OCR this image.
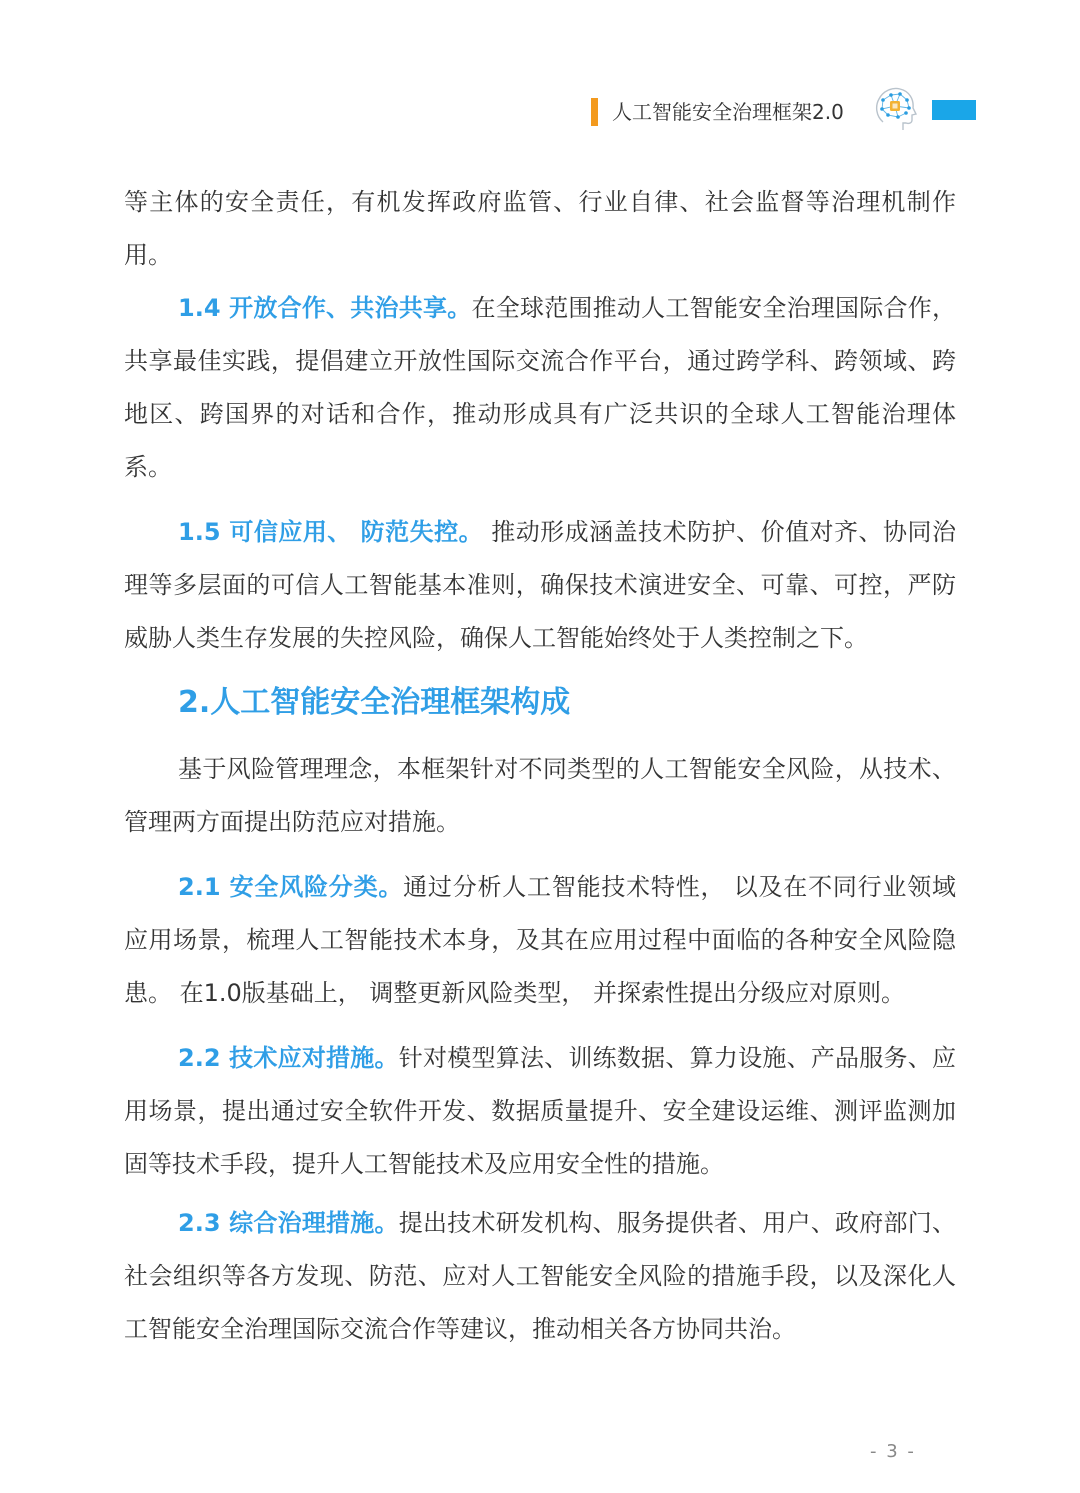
人工智能安全治理框架2.0

等主体的安全责任，有机发挥政府监管、行业自律、社会监督等治理机制作用。

1.4 开放合作、共治共享。在全球范围推动人工智能安全治理国际合作，共享最佳实践，提倡建立开放性国际交流合作平台，通过跨学科、跨领域、跨地区、跨国界的对话和合作，推动形成具有广泛共识的全球人工智能治理体系。

1.5 可信应用、 防范失控。 推动形成涵盖技术防护、价值对齐、协同治理等多层面的可信人工智能基本准则，确保技术演进安全、可靠、可控，严防威胁人类生存发展的失控风险，确保人工智能始终处于人类控制之下。

2.人工智能安全治理框架构成

基于风险管理理念，本框架针对不同类型的人工智能安全风险，从技术、管理两方面提出防范应对措施。

2.1 安全风险分类。通过分析人工智能技术特性， 以及在不同行业领域应用场景，梳理人工智能技术本身，及其在应用过程中面临的各种安全风险隐患。 在1.0版基础上， 调整更新风险类型， 并探索性提出分级应对原则。

2.2 技术应对措施。针对模型算法、训练数据、算力设施、产品服务、应用场景，提出通过安全软件开发、数据质量提升、安全建设运维、测评监测加固等技术手段，提升人工智能技术及应用安全性的措施。

2.3 综合治理措施。提出技术研发机构、服务提供者、用户、政府部门、社会组织等各方发现、防范、应对人工智能安全风险的措施手段，以及深化人工智能安全治理国际交流合作等建议，推动相关各方协同共治。

- 3 -
